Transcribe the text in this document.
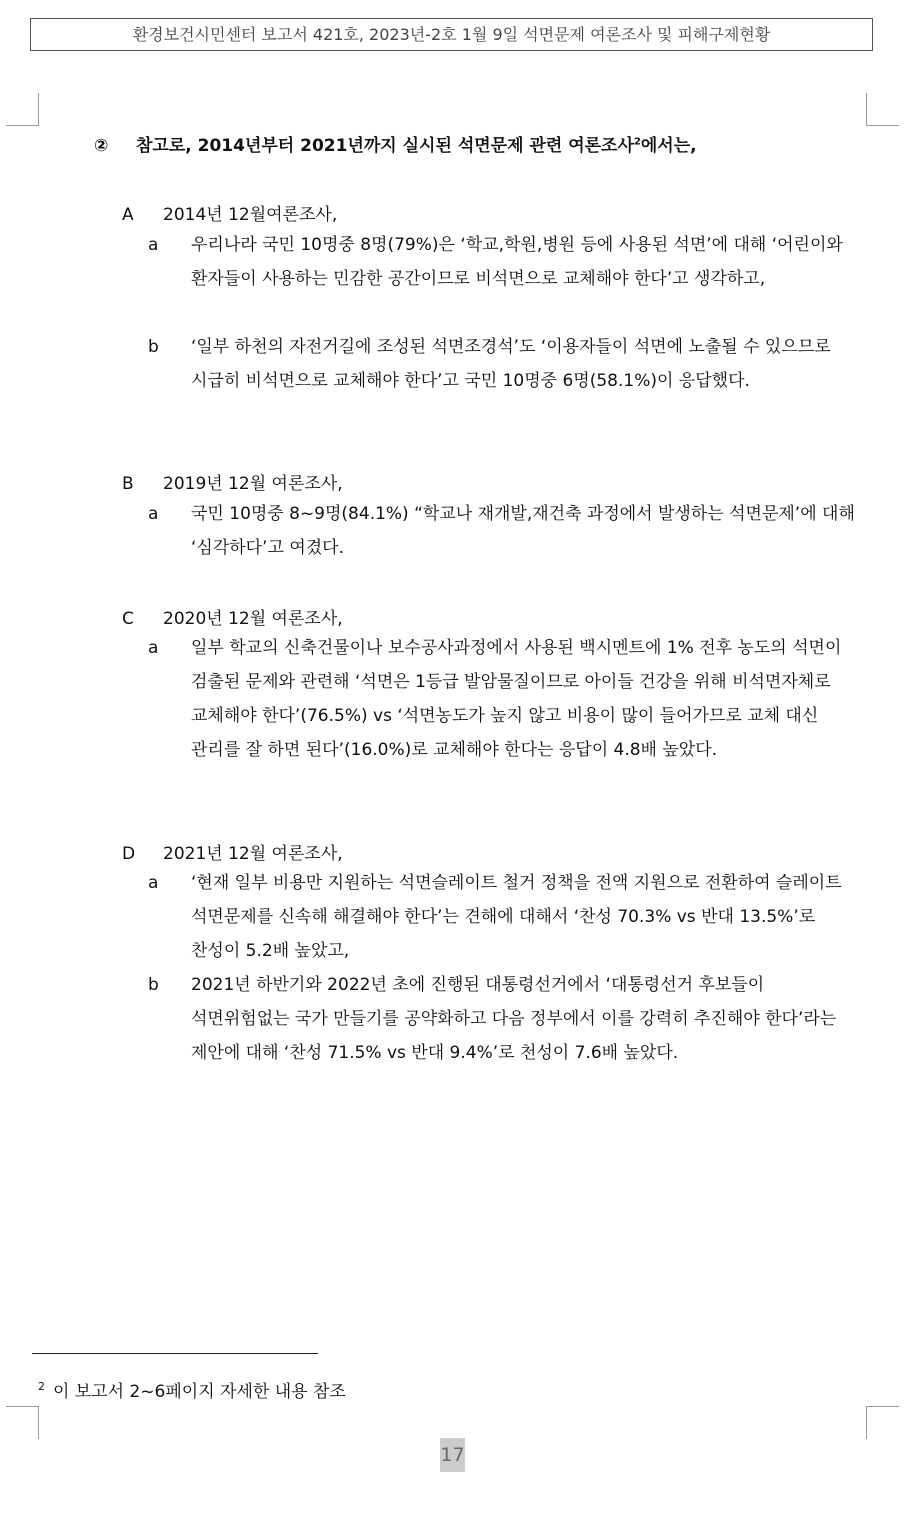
환경보건시민센터 보고서 421호, 2023년-2호 1월 9일 석면문제 여론조사 및 피해구제현황
② 참고로, 2014년부터 2021년까지 실시된 석면문제 관련 여론조사$^2$에서는,
A 2014년 12월여론조사,
a 우리나라 국민 10명중 8명(79%)은 ‘학교,학원,병원 등에 사용된 석면’에 대해 ‘어린이와 환자들이 사용하는 민감한 공간이므로 비석면으로 교체해야 한다’고 생각하고,
b ‘일부 하천의 자전거길에 조성된 석면조경석’도 ‘이용자들이 석면에 노출될 수 있으므로 시급히 비석면으로 교체해야 한다’고 국민 10명중 6명(58.1%)이 응답했다.
B 2019년 12월 여론조사,
a 국민 10명중 8~9명(84.1%) “학교나 재개발,재건축 과정에서 발생하는 석면문제’에 대해 ‘심각하다’고 여겼다.
C 2020년 12월 여론조사,
a 일부 학교의 신축건물이나 보수공사과정에서 사용된 백시멘트에 1% 전후 농도의 석면이 검출된 문제와 관련해 ‘석면은 1등급 발암물질이므로 아이들 건강을 위해 비석면자체로 교체해야 한다’(76.5%) vs ‘석면농도가 높지 않고 비용이 많이 들어가므로 교체 대신 관리를 잘 하면 된다’(16.0%)로 교체해야 한다는 응답이 4.8배 높았다.
D 2021년 12월 여론조사,
a ‘현재 일부 비용만 지원하는 석면슬레이트 철거 정책을 전액 지원으로 전환하여 슬레이트 석면문제를 신속해 해결해야 한다’는 견해에 대해서 ‘찬성 70.3% vs 반대 13.5%’로 찬성이 5.2배 높았고,
b 2021년 하반기와 2022년 초에 진행된 대통령선거에서 ‘대통령선거 후보들이 석면위험없는 국가 만들기를 공약화하고 다음 정부에서 이를 강력히 추진해야 한다’라는 제안에 대해 ‘찬성 71.5% vs 반대 9.4%’로 천성이 7.6배 높았다.
$^2$ 이 보고서 2~6페이지 자세한 내용 참조
17
